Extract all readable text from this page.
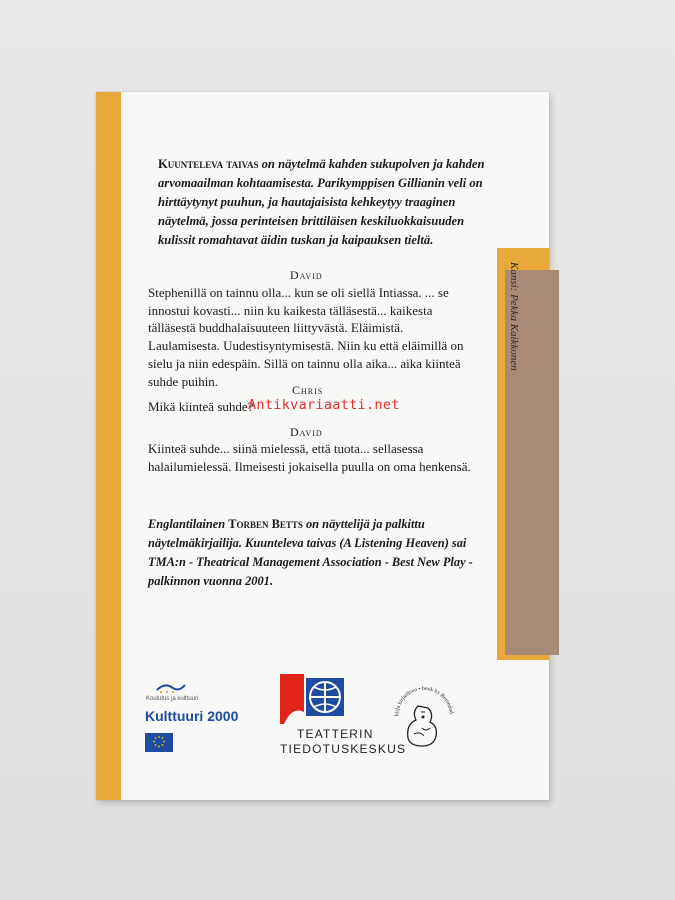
Kansi: Pekka Kaikkonen
Kuunteleva taivas on näytelmä kahden sukupolven ja kahden arvomaailman kohtaamisesta. Parikymppisen Gillianin veli on hirttäytynyt puuhun, ja hautajaisista kehkeytyy traaginen näytelmä, jossa perinteisen brittiläisen keskiluokkaisuuden kulissit romahtavat äidin tuskan ja kaipauksen tieltä.
David
Stephenillä on tainnu olla... kun se oli siellä Intiassa. ... se innostui kovasti... niin ku kaikesta tälläsestä... kaikesta tälläsestä buddhalaisuuteen liittyvästä. Eläimistä. Laulamisesta. Uudestisyntymisestä. Niin ku että eläimillä on sielu ja niin edespäin. Sillä on tainnu olla aika... aika kiinteä suhde puihin.
Chris
Mikä kiinteä suhde?
David
Kiinteä suhde... siinä mielessä, että tuota... sellasessa halailumielessä. Ilmeisesti jokaisella puulla on oma henkensä.
Englantilainen Torben Betts on näyttelijä ja palkittu näytelmäkirjailija. Kuunteleva taivas (A Listening Heaven) sai TMA:n - Theatrical Management Association - Best New Play -palkinnon vuonna 2001.
Antikvariaatti.net
Koulutus ja kulttuuri
Kulttuuri 2000
TEATTERIN
TIEDOTUSKESKUS
kirja kirjailleen • book by Berendad
